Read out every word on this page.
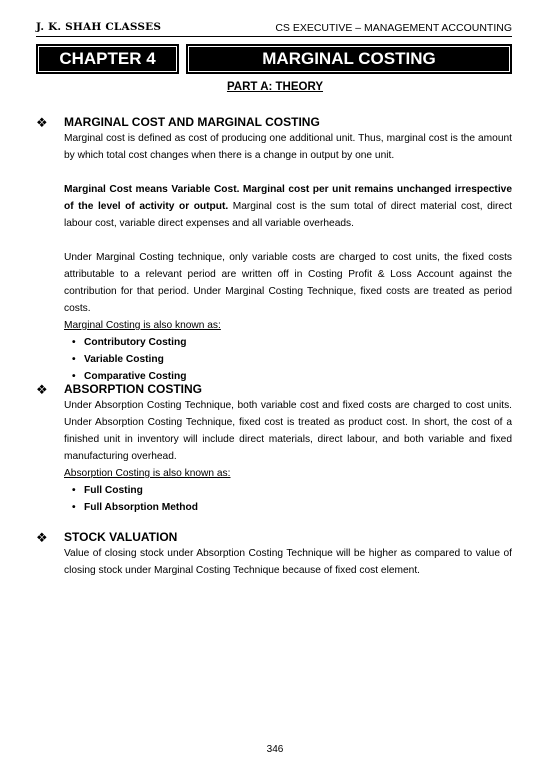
J. K. SHAH CLASSES	CS EXECUTIVE – MANAGEMENT ACCOUNTING
CHAPTER 4	MARGINAL COSTING
PART A: THEORY
❖	MARGINAL COST AND MARGINAL COSTING

Marginal cost is defined as cost of producing one additional unit. Thus, marginal cost is the amount by which total cost changes when there is a change in output by one unit.

Marginal Cost means Variable Cost. Marginal cost per unit remains unchanged irrespective of the level of activity or output. Marginal cost is the sum total of direct material cost, direct labour cost, variable direct expenses and all variable overheads.

Under Marginal Costing technique, only variable costs are charged to cost units, the fixed costs attributable to a relevant period are written off in Costing Profit & Loss Account against the contribution for that period. Under Marginal Costing Technique, fixed costs are treated as period costs.

Marginal Costing is also known as:

• Contributory Costing
• Variable Costing
• Comparative Costing
❖	ABSORPTION COSTING

Under Absorption Costing Technique, both variable cost and fixed costs are charged to cost units. Under Absorption Costing Technique, fixed cost is treated as product cost. In short, the cost of a finished unit in inventory will include direct materials, direct labour, and both variable and fixed manufacturing overhead.

Absorption Costing is also known as:

• Full Costing
• Full Absorption Method
❖	STOCK VALUATION

Value of closing stock under Absorption Costing Technique will be higher as compared to value of closing stock under Marginal Costing Technique because of fixed cost element.

346
